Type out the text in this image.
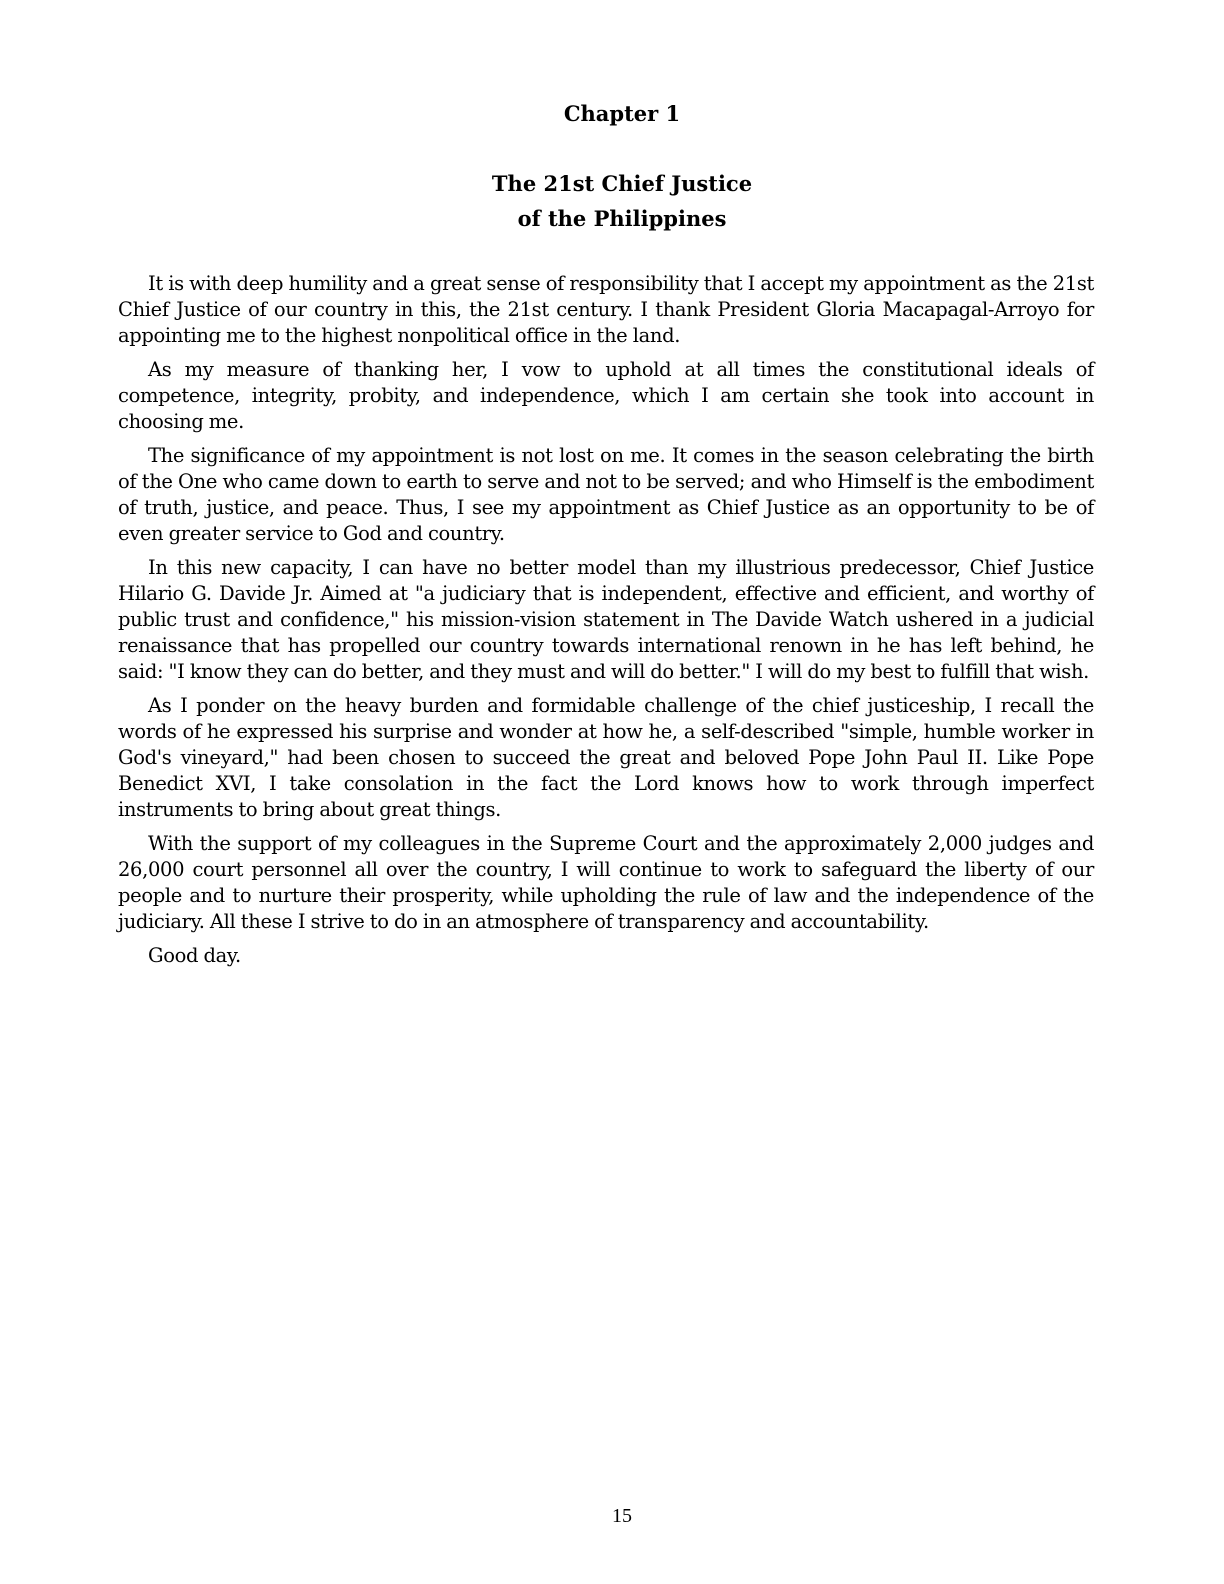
Chapter 1
The 21st Chief Justice
of the Philippines

It is with deep humility and a great sense of responsibility that I accept my appointment as the 21st Chief Justice of our country in this, the 21st century. I thank President Gloria Macapagal-Arroyo for appointing me to the highest nonpolitical office in the land.

As my measure of thanking her, I vow to uphold at all times the constitutional ideals of competence, integrity, probity, and independence, which I am certain she took into account in choosing me.

The significance of my appointment is not lost on me. It comes in the season celebrating the birth of the One who came down to earth to serve and not to be served; and who Himself is the embodiment of truth, justice, and peace. Thus, I see my appointment as Chief Justice as an opportunity to be of even greater service to God and country.

In this new capacity, I can have no better model than my illustrious predecessor, Chief Justice Hilario G. Davide Jr. Aimed at "a judiciary that is independent, effective and efficient, and worthy of public trust and confidence," his mission-vision statement in The Davide Watch ushered in a judicial renaissance that has propelled our country towards international renown in he has left behind, he said: "I know they can do better, and they must and will do better." I will do my best to fulfill that wish.

As I ponder on the heavy burden and formidable challenge of the chief justiceship, I recall the words of he expressed his surprise and wonder at how he, a self-described "simple, humble worker in God's vineyard," had been chosen to succeed the great and beloved Pope John Paul II. Like Pope Benedict XVI, I take consolation in the fact the Lord knows how to work through imperfect instruments to bring about great things.

With the support of my colleagues in the Supreme Court and the approximately 2,000 judges and 26,000 court personnel all over the country, I will continue to work to safeguard the liberty of our people and to nurture their prosperity, while upholding the rule of law and the independence of the judiciary. All these I strive to do in an atmosphere of transparency and accountability.

Good day.

15
